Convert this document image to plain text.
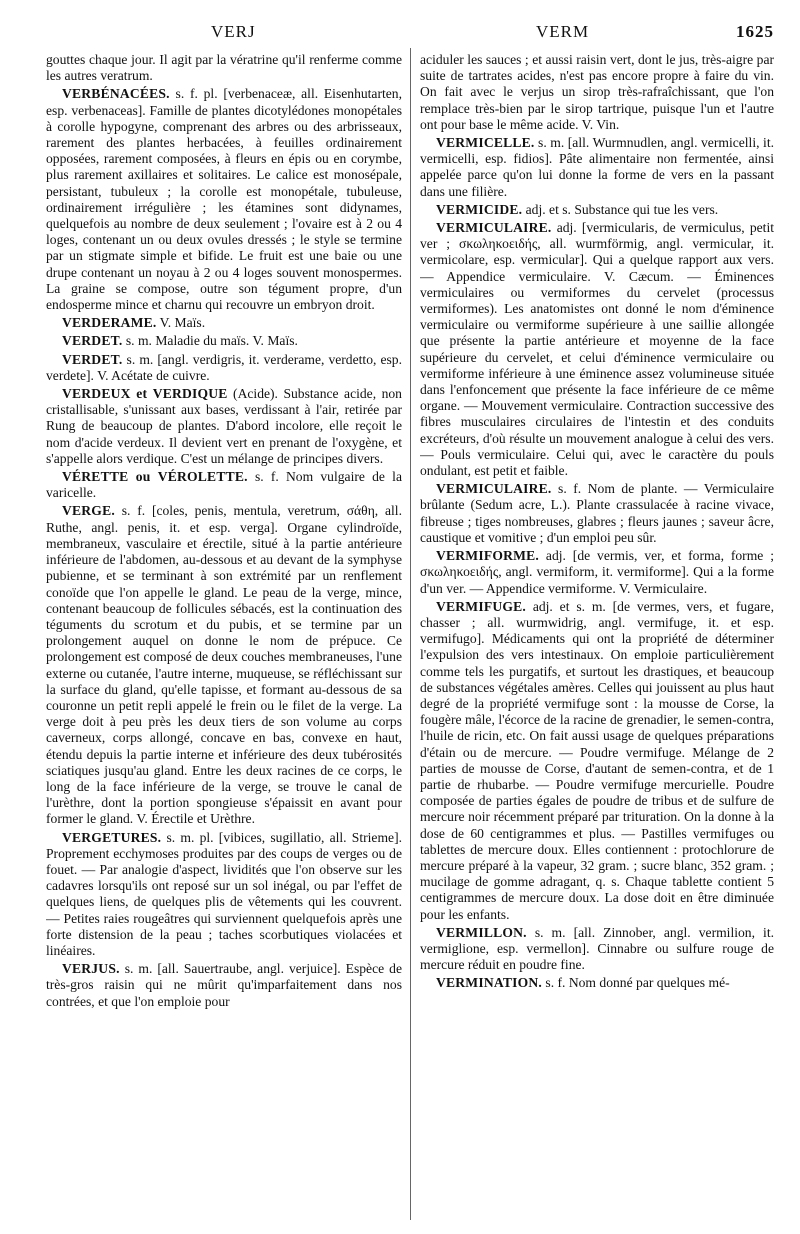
VERJ	VERM	1625

gouttes chaque jour. Il agit par la vératrine qu'il renferme comme les autres veratrum.

VERBÉNACÉES. s. f. pl. [verbenaceæ, all. Eisenhutarten, esp. verbenaceas]. Famille de plantes dicotylédones monopétales à corolle hypogyne, comprenant des arbres ou des arbrisseaux, rarement des plantes herbacées, à feuilles ordinairement opposées, rarement composées, à fleurs en épis ou en corymbe, plus rarement axillaires et solitaires. Le calice est monosépale, persistant, tubuleux ; la corolle est monopétale, tubuleuse, ordinairement irrégulière ; les étamines sont didynames, quelquefois au nombre de deux seulement ; l'ovaire est à 2 ou 4 loges, contenant un ou deux ovules dressés ; le style se termine par un stigmate simple et bifide. Le fruit est une baie ou une drupe contenant un noyau à 2 ou 4 loges souvent monospermes. La graine se compose, outre son tégument propre, d'un endosperme mince et charnu qui recouvre un embryon droit.

VERDERAME. V. Maïs.

VERDET. s. m. Maladie du maïs. V. Maïs.

VERDET. s. m. [angl. verdigris, it. verderame, verdetto, esp. verdete]. V. Acétate de cuivre.

VERDEUX et VERDIQUE (Acide). Substance acide, non cristallisable, s'unissant aux bases, verdissant à l'air, retirée par Rung de beaucoup de plantes. D'abord incolore, elle reçoit le nom d'acide verdeux. Il devient vert en prenant de l'oxygène, et s'appelle alors verdique. C'est un mélange de principes divers.

VÉRETTE ou VÉROLETTE. s. f. Nom vulgaire de la varicelle.

VERGE. s. f. [coles, penis, mentula, veretrum, σάθη, all. Ruthe, angl. penis, it. et esp. verga]. Organe cylindroïde, membraneux, vasculaire et érectile, situé à la partie antérieure inférieure de l'abdomen, au-dessous et au devant de la symphyse pubienne, et se terminant à son extrémité par un renflement conoïde que l'on appelle le gland. Le peau de la verge, mince, contenant beaucoup de follicules sébacés, est la continuation des téguments du scrotum et du pubis, et se termine par un prolongement auquel on donne le nom de prépuce. Ce prolongement est composé de deux couches membraneuses, l'une externe ou cutanée, l'autre interne, muqueuse, se réfléchissant sur la surface du gland, qu'elle tapisse, et formant au-dessous de sa couronne un petit repli appelé le frein ou le filet de la verge. La verge doit à peu près les deux tiers de son volume au corps caverneux, corps allongé, concave en bas, convexe en haut, étendu depuis la partie interne et inférieure des deux tubérosités sciatiques jusqu'au gland. Entre les deux racines de ce corps, le long de la face inférieure de la verge, se trouve le canal de l'urèthre, dont la portion spongieuse s'épaissit en avant pour former le gland. V. Érectile et Urèthre.

VERGETURES. s. m. pl. [vibices, sugillatio, all. Strieme]. Proprement ecchymoses produites par des coups de verges ou de fouet. — Par analogie d'aspect, lividités que l'on observe sur les cadavres lorsqu'ils ont reposé sur un sol inégal, ou par l'effet de quelques liens, de quelques plis de vêtements qui les couvrent. — Petites raies rougeâtres qui surviennent quelquefois après une forte distension de la peau ; taches scorbutiques violacées et linéaires.

VERJUS. s. m. [all. Sauertraube, angl. verjuice]. Espèce de très-gros raisin qui ne mûrit qu'imparfaitement dans nos contrées, et que l'on emploie pour

aciduler les sauces ; et aussi raisin vert, dont le jus, très-aigre par suite de tartrates acides, n'est pas encore propre à faire du vin. On fait avec le verjus un sirop très-rafraîchissant, que l'on remplace très-bien par le sirop tartrique, puisque l'un et l'autre ont pour base le même acide. V. Vin.

VERMICELLE. s. m. [all. Wurmnudlen, angl. vermicelli, it. vermicelli, esp. fidios]. Pâte alimentaire non fermentée, ainsi appelée parce qu'on lui donne la forme de vers en la passant dans une filière.

VERMICIDE. adj. et s. Substance qui tue les vers.

VERMICULAIRE. adj. [vermicularis, de vermiculus, petit ver ; σκωληκοειδής, all. wurmförmig, angl. vermicular, it. vermicolare, esp. vermicular]. Qui a quelque rapport aux vers. — Appendice vermiculaire. V. Cæcum. — Éminences vermiculaires ou vermiformes du cervelet (processus vermiformes). Les anatomistes ont donné le nom d'éminence vermiculaire ou vermiforme supérieure à une saillie allongée que présente la partie antérieure et moyenne de la face supérieure du cervelet, et celui d'éminence vermiculaire ou vermiforme inférieure à une éminence assez volumineuse située dans l'enfoncement que présente la face inférieure de ce même organe. — Mouvement vermiculaire. Contraction successive des fibres musculaires circulaires de l'intestin et des conduits excréteurs, d'où résulte un mouvement analogue à celui des vers. — Pouls vermiculaire. Celui qui, avec le caractère du pouls ondulant, est petit et faible.

VERMICULAIRE. s. f. Nom de plante. — Vermiculaire brûlante (Sedum acre, L.). Plante crassulacée à racine vivace, fibreuse ; tiges nombreuses, glabres ; fleurs jaunes ; saveur âcre, caustique et vomitive ; d'un emploi peu sûr.

VERMIFORME. adj. [de vermis, ver, et forma, forme ; σκωληκοειδής, angl. vermiform, it. vermiforme]. Qui a la forme d'un ver. — Appendice vermiforme. V. Vermiculaire.

VERMIFUGE. adj. et s. m. [de vermes, vers, et fugare, chasser ; all. wurmwidrig, angl. vermifuge, it. et esp. vermifugo]. Médicaments qui ont la propriété de déterminer l'expulsion des vers intestinaux. On emploie particulièrement comme tels les purgatifs, et surtout les drastiques, et beaucoup de substances végétales amères. Celles qui jouissent au plus haut degré de la propriété vermifuge sont : la mousse de Corse, la fougère mâle, l'écorce de la racine de grenadier, le semen-contra, l'huile de ricin, etc. On fait aussi usage de quelques préparations d'étain ou de mercure. — Poudre vermifuge. Mélange de 2 parties de mousse de Corse, d'autant de semen-contra, et de 1 partie de rhubarbe. — Poudre vermifuge mercurielle. Poudre composée de parties égales de poudre de tribus et de sulfure de mercure noir récemment préparé par trituration. On la donne à la dose de 60 centigrammes et plus. — Pastilles vermifuges ou tablettes de mercure doux. Elles contiennent : protochlorure de mercure préparé à la vapeur, 32 gram. ; sucre blanc, 352 gram. ; mucilage de gomme adragant, q. s. Chaque tablette contient 5 centigrammes de mercure doux. La dose doit en être diminuée pour les enfants.

VERMILLON. s. m. [all. Zinnober, angl. vermilion, it. vermiglione, esp. vermellon]. Cinnabre ou sulfure rouge de mercure réduit en poudre fine.

VERMINATION. s. f. Nom donné par quelques mé-
